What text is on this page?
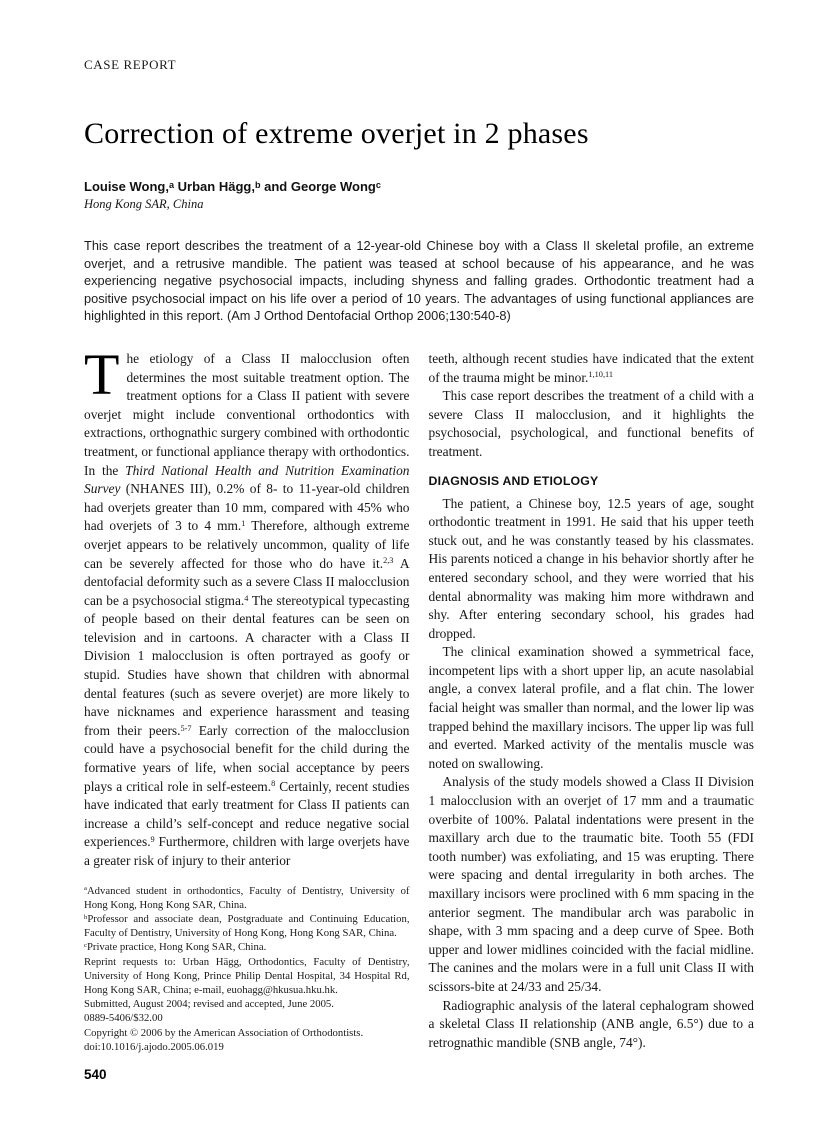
CASE REPORT
Correction of extreme overjet in 2 phases
Louise Wong,$^a$ Urban Hägg,$^b$ and George Wong$^c$
Hong Kong SAR, China
This case report describes the treatment of a 12-year-old Chinese boy with a Class II skeletal profile, an extreme overjet, and a retrusive mandible. The patient was teased at school because of his appearance, and he was experiencing negative psychosocial impacts, including shyness and falling grades. Orthodontic treatment had a positive psychosocial impact on his life over a period of 10 years. The advantages of using functional appliances are highlighted in this report. (Am J Orthod Dentofacial Orthop 2006;130:540-8)

The etiology of a Class II malocclusion often determines the most suitable treatment option. The treatment options for a Class II patient with severe overjet might include conventional orthodontics with extractions, orthognathic surgery combined with orthodontic treatment, or functional appliance therapy with orthodontics. In the Third National Health and Nutrition Examination Survey (NHANES III), 0.2% of 8- to 11-year-old children had overjets greater than 10 mm, compared with 45% who had overjets of 3 to 4 mm.$^1$ Therefore, although extreme overjet appears to be relatively uncommon, quality of life can be severely affected for those who do have it.$^{2,3}$ A dentofacial deformity such as a severe Class II malocclusion can be a psychosocial stigma.$^4$ The stereotypical typecasting of people based on their dental features can be seen on television and in cartoons. A character with a Class II Division 1 malocclusion is often portrayed as goofy or stupid. Studies have shown that children with abnormal dental features (such as severe overjet) are more likely to have nicknames and experience harassment and teasing from their peers.$^{5-7}$ Early correction of the malocclusion could have a psychosocial benefit for the child during the formative years of life, when social acceptance by peers plays a critical role in self-esteem.$^8$ Certainly, recent studies have indicated that early treatment for Class II patients can increase a child’s self-concept and reduce negative social experiences.$^9$ Furthermore, children with large overjets have a greater risk of injury to their anterior

$^a$Advanced student in orthodontics, Faculty of Dentistry, University of Hong Kong, Hong Kong SAR, China.

$^b$Professor and associate dean, Postgraduate and Continuing Education, Faculty of Dentistry, University of Hong Kong, Hong Kong SAR, China.

$^c$Private practice, Hong Kong SAR, China.

Reprint requests to: Urban Hägg, Orthodontics, Faculty of Dentistry, University of Hong Kong, Prince Philip Dental Hospital, 34 Hospital Rd, Hong Kong SAR, China; e-mail, euohagg@hkusua.hku.hk.

Submitted, August 2004; revised and accepted, June 2005.

0889-5406/$32.00

Copyright © 2006 by the American Association of Orthodontists.

doi:10.1016/j.ajodo.2005.06.019

teeth, although recent studies have indicated that the extent of the trauma might be minor.$^{1,10,11}$

This case report describes the treatment of a child with a severe Class II malocclusion, and it highlights the psychosocial, psychological, and functional benefits of treatment.

DIAGNOSIS AND ETIOLOGY

The patient, a Chinese boy, 12.5 years of age, sought orthodontic treatment in 1991. He said that his upper teeth stuck out, and he was constantly teased by his classmates. His parents noticed a change in his behavior shortly after he entered secondary school, and they were worried that his dental abnormality was making him more withdrawn and shy. After entering secondary school, his grades had dropped.

The clinical examination showed a symmetrical face, incompetent lips with a short upper lip, an acute nasolabial angle, a convex lateral profile, and a flat chin. The lower facial height was smaller than normal, and the lower lip was trapped behind the maxillary incisors. The upper lip was full and everted. Marked activity of the mentalis muscle was noted on swallowing.

Analysis of the study models showed a Class II Division 1 malocclusion with an overjet of 17 mm and a traumatic overbite of 100%. Palatal indentations were present in the maxillary arch due to the traumatic bite. Tooth 55 (FDI tooth number) was exfoliating, and 15 was erupting. There were spacing and dental irregularity in both arches. The maxillary incisors were proclined with 6 mm spacing in the anterior segment. The mandibular arch was parabolic in shape, with 3 mm spacing and a deep curve of Spee. Both upper and lower midlines coincided with the facial midline. The canines and the molars were in a full unit Class II with scissors-bite at 24/33 and 25/34.

Radiographic analysis of the lateral cephalogram showed a skeletal Class II relationship (ANB angle, 6.5°) due to a retrognathic mandible (SNB angle, 74°).

540
